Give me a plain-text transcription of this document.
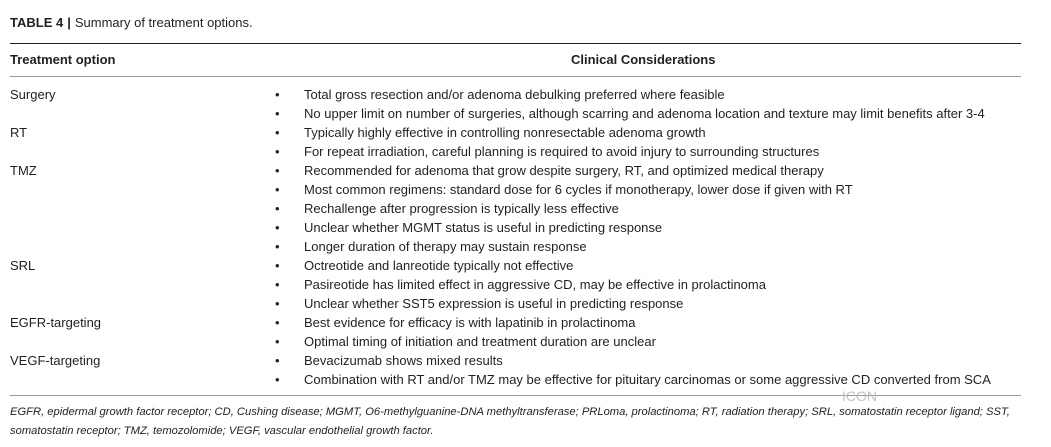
TABLE 4 | Summary of treatment options.
Treatment option	Clinical Considerations
Surgery	• Total gross resection and/or adenoma debulking preferred where feasible
• No upper limit on number of surgeries, although scarring and adenoma location and texture may limit benefits after 3-4
RT	• Typically highly effective in controlling nonresectable adenoma growth
• For repeat irradiation, careful planning is required to avoid injury to surrounding structures
TMZ	• Recommended for adenoma that grow despite surgery, RT, and optimized medical therapy
• Most common regimens: standard dose for 6 cycles if monotherapy, lower dose if given with RT
• Rechallenge after progression is typically less effective
• Unclear whether MGMT status is useful in predicting response
• Longer duration of therapy may sustain response
SRL	• Octreotide and lanreotide typically not effective
• Pasireotide has limited effect in aggressive CD, may be effective in prolactinoma
• Unclear whether SST5 expression is useful in predicting response
EGFR-targeting	• Best evidence for efficacy is with lapatinib in prolactinoma
• Optimal timing of initiation and treatment duration are unclear
VEGF-targeting	• Bevacizumab shows mixed results
• Combination with RT and/or TMZ may be effective for pituitary carcinomas or some aggressive CD converted from SCA
EGFR, epidermal growth factor receptor; CD, Cushing disease; MGMT, O6-methylguanine-DNA methyltransferase; PRLoma, prolactinoma; RT, radiation therapy; SRL, somatostatin receptor ligand; SST, somatostatin receptor; TMZ, temozolomide; VEGF, vascular endothelial growth factor.
ICON
